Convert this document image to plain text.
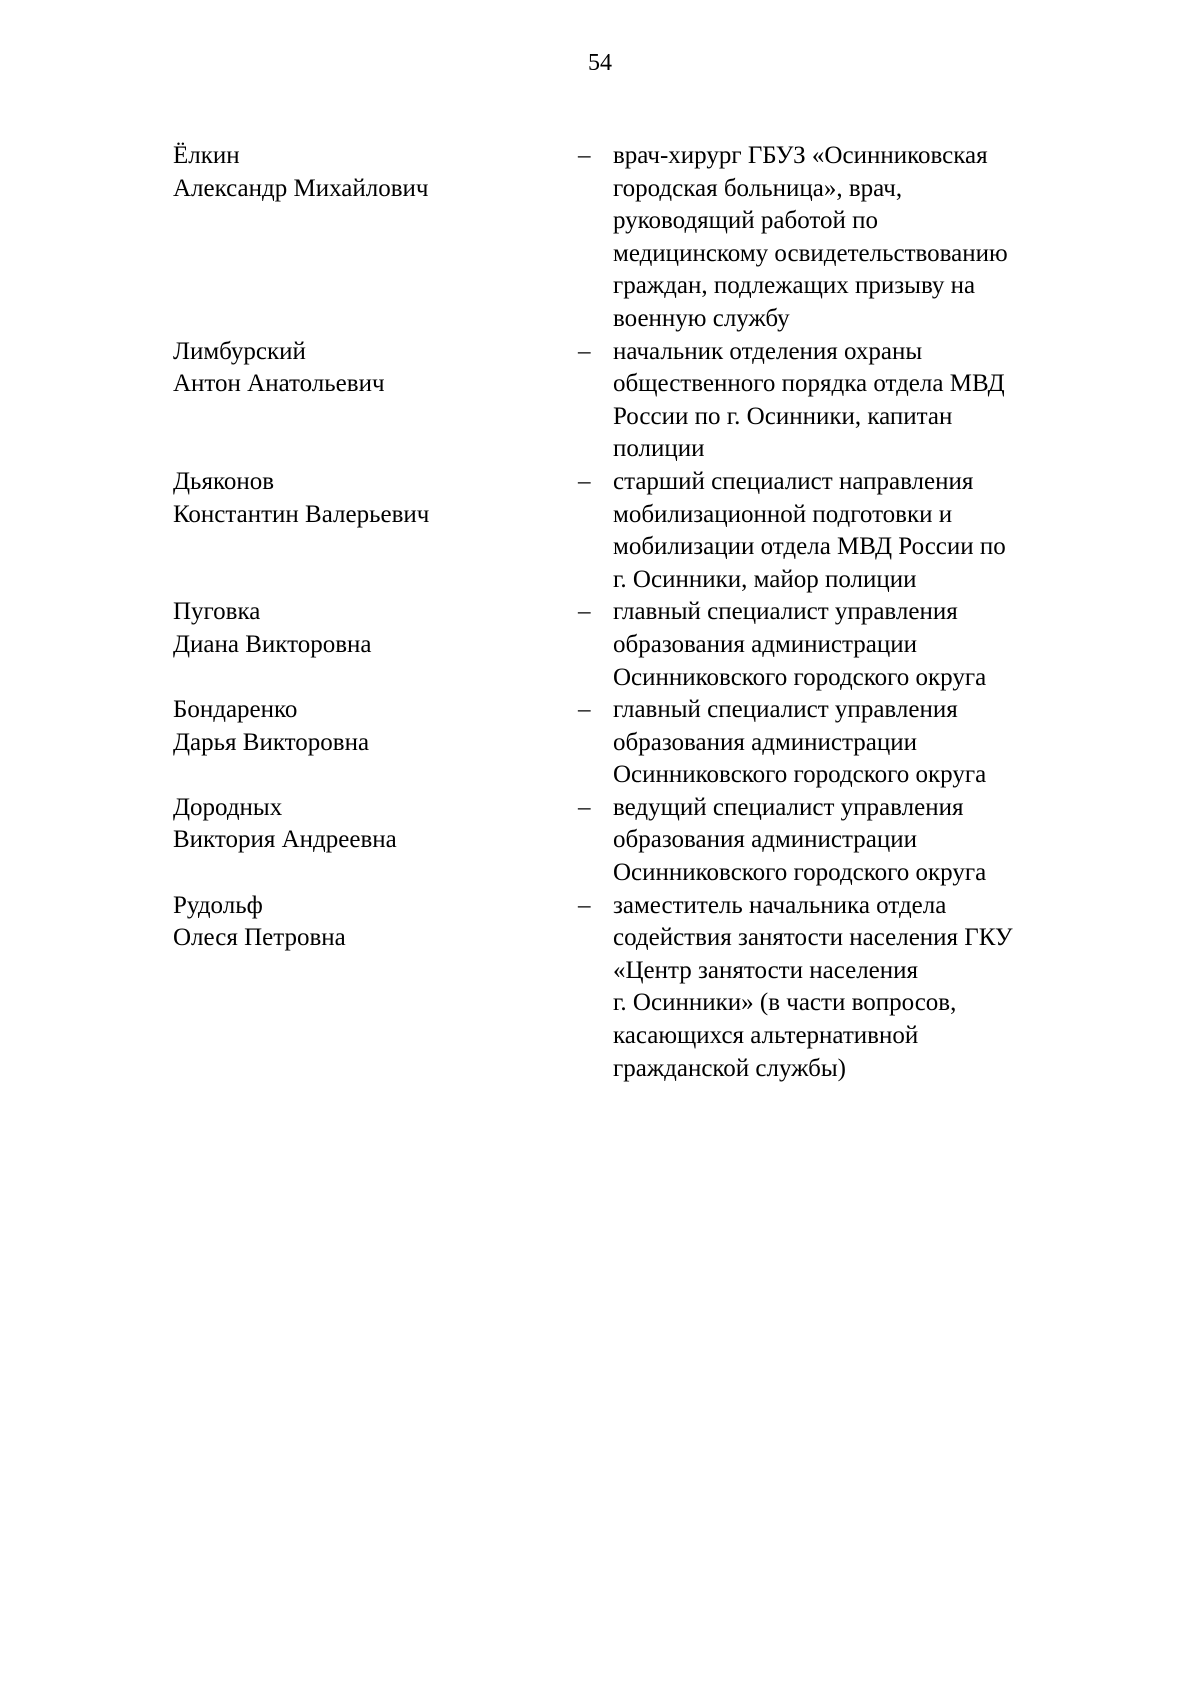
54
Ёлкин
Александр Михайлович
– врач-хирург ГБУЗ «Осинниковская
городская больница», врач,
руководящий работой по
медицинскому освидетельствованию
граждан, подлежащих призыву на
военную службу
Лимбурский
Антон Анатольевич
– начальник отделения охраны
общественного порядка отдела МВД
России по г. Осинники, капитан
полиции
Дьяконов
Константин Валерьевич
– старший специалист направления
мобилизационной подготовки и
мобилизации отдела МВД России по
г. Осинники, майор полиции
Пуговка
Диана Викторовна
– главный специалист управления
образования администрации
Осинниковского городского округа
Бондаренко
Дарья Викторовна
– главный специалист управления
образования администрации
Осинниковского городского округа
Дородных
Виктория Андреевна
– ведущий специалист управления
образования администрации
Осинниковского городского округа
Рудольф
Олеся Петровна
– заместитель начальника отдела
содействия занятости населения ГКУ
«Центр занятости населения
г. Осинники» (в части вопросов,
касающихся альтернативной
гражданской службы)
